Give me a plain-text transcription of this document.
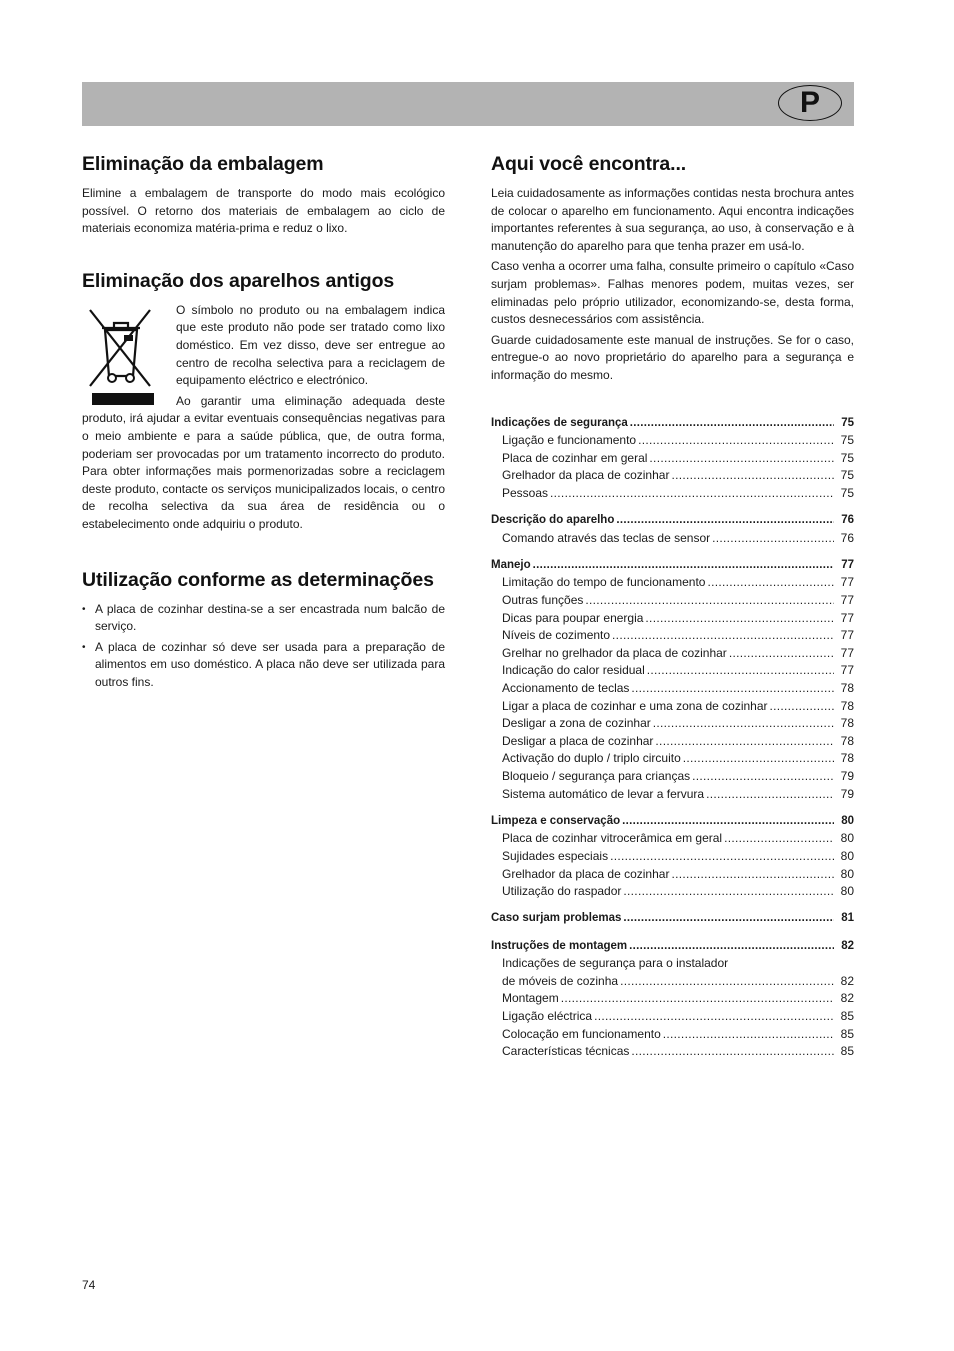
P
Eliminação da embalagem

Elimine a embalagem de transporte do modo mais ecológico possível. O retorno dos materiais de embalagem ao ciclo de materiais economiza matéria-prima e reduz o lixo.

Eliminação dos aparelhos antigos

O símbolo no produto ou na embalagem indica que este produto não pode ser tratado como lixo doméstico. Em vez disso, deve ser entregue ao centro de recolha selectiva para a reciclagem de equipamento eléctrico e electrónico.

Ao garantir uma eliminação adequada deste produto, irá ajudar a evitar eventuais consequências negativas para o meio ambiente e para a saúde pública, que, de outra forma, poderiam ser provocadas por um tratamento incorrecto do produto. Para obter informações mais pormenorizadas sobre a reciclagem deste produto, contacte os serviços municipalizados locais, o centro de recolha selectiva da sua área de residência ou o estabelecimento onde adquiriu o produto.

Utilização conforme as determinações
• A placa de cozinhar destina-se a ser encastrada num balcão de serviço.
• A placa de cozinhar só deve ser usada para a preparação de alimentos em uso doméstico. A placa não deve ser utilizada para outros fins.
Aqui você encontra...

Leia cuidadosamente as informações contidas nesta brochura antes de colocar o aparelho em funcionamento. Aqui encontra indicações importantes referentes à sua segurança, ao uso, à conservação e à manutenção do aparelho para que tenha prazer em usá-lo.

Caso venha a ocorrer uma falha, consulte primeiro o capítulo «Caso surjam problemas». Falhas menores podem, muitas vezes, ser eliminadas pelo próprio utilizador, economizando-se, desta forma, custos desnecessários com assistência.

Guarde cuidadosamente este manual de instruções. Se for o caso, entregue-o ao novo proprietário do aparelho para a segurança e informação do mesmo.

Indicações de segurança .....	75
Ligação e funcionamento .....	75
Placa de cozinhar em geral .....	75
Grelhador da placa de cozinhar .....	75
Pessoas .....	75
Descrição do aparelho .....	76
Comando através das teclas de sensor .....	76
Manejo .....	77
Limitação do tempo de funcionamento .....	77
Outras funções .....	77
Dicas para poupar energia .....	77
Níveis de cozimento .....	77
Grelhar no grelhador da placa de cozinhar .....	77
Indicação do calor residual .....	77
Accionamento de teclas .....	78
Ligar a placa de cozinhar e uma zona de cozinhar .....	78
Desligar a zona de cozinhar .....	78
Desligar a placa de cozinhar .....	78
Activação do duplo / triplo circuito .....	78
Bloqueio / segurança para crianças .....	79
Sistema automático de levar a fervura .....	79
Limpeza e conservação .....	80
Placa de cozinhar vitrocerâmica em geral .....	80
Sujidades especiais .....	80
Grelhador da placa de cozinhar .....	80
Utilização do raspador .....	80
Caso surjam problemas .....	81
Instruções de montagem .....	82
Indicações de segurança para o instalador
de móveis de cozinha .....	82
Montagem .....	82
Ligação eléctrica .....	85
Colocação em funcionamento .....	85
Características técnicas .....	85
74
